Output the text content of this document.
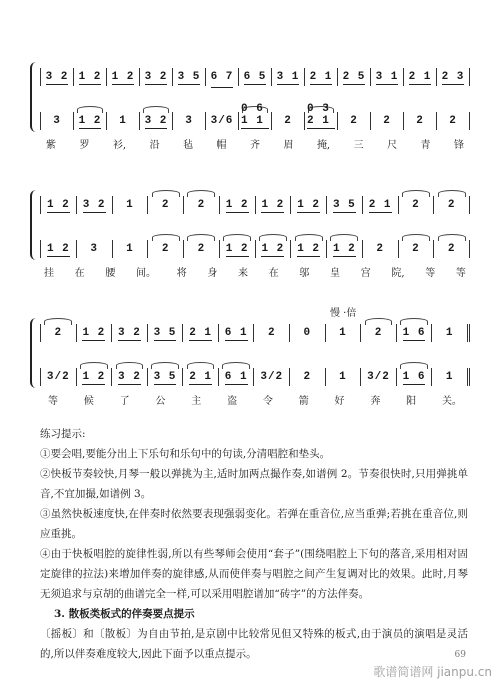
3 2 1 2 1 2 3 2 3 5 6 7 6 5 3 1 2 1 2 5 3 1 2 1 2 3
3 1 2 1 3 2 3 3/6
0 6 1 1	2
0 3 2 1	2 2 2 2
紫 罗 衫, 沿 毡 帽 齐 眉 掩, 三 尺 青 锋
1 2 3 2 1	2	2 1 2 1 2 1 2 3 5 2 1 2	2
1 2 3	1	2	2 1 2 1 2 1 2 1 2 2	2	2
挂 在 腰 间。 将 身 来 在 邬 皇 宫 院, 等 等
慢 ·倍
2 1 2 3 2 3 5 2 1 6 1 2	0	1	2 1 6 1
3/2 1 2 3 2 3 5 2 1 6 1 3/2 2	1 3/2 1 6 1
等	候	了	公	主	盗	令	箭	好	奔	阳	关。

练习提示:

①要会唱,要能分出上下乐句和乐句中的句读,分清唱腔和垫头。

②快板节奏较快,月琴一般以弹挑为主,适时加两点撮作奏,如谱例 2。节奏很快时,只用弹挑单音,不宜加撮,如谱例 3。

③虽然快板速度快,在伴奏时依然要表现强弱变化。若弹在重音位,应当重弹;若挑在重音位,则应重挑。

④由于快板唱腔的旋律性弱,所以有些琴师会使用“套子”(围绕唱腔上下句的落音,采用相对固定旋律的拉法)来增加伴奏的旋律感,从而使伴奏与唱腔之间产生复调对比的效果。此时,月琴无须追求与京胡的曲谱完全一样,可以采用唱腔谱加“砖字”的方法伴奏。

3. 散板类板式的伴奏要点提示

〔摇板〕和〔散板〕为自由节拍,是京剧中比较常见但又特殊的板式,由于演员的演唱是灵活的,所以伴奏难度较大,因此下面予以重点提示。	69
歌谱简谱网 jianpu.cn
